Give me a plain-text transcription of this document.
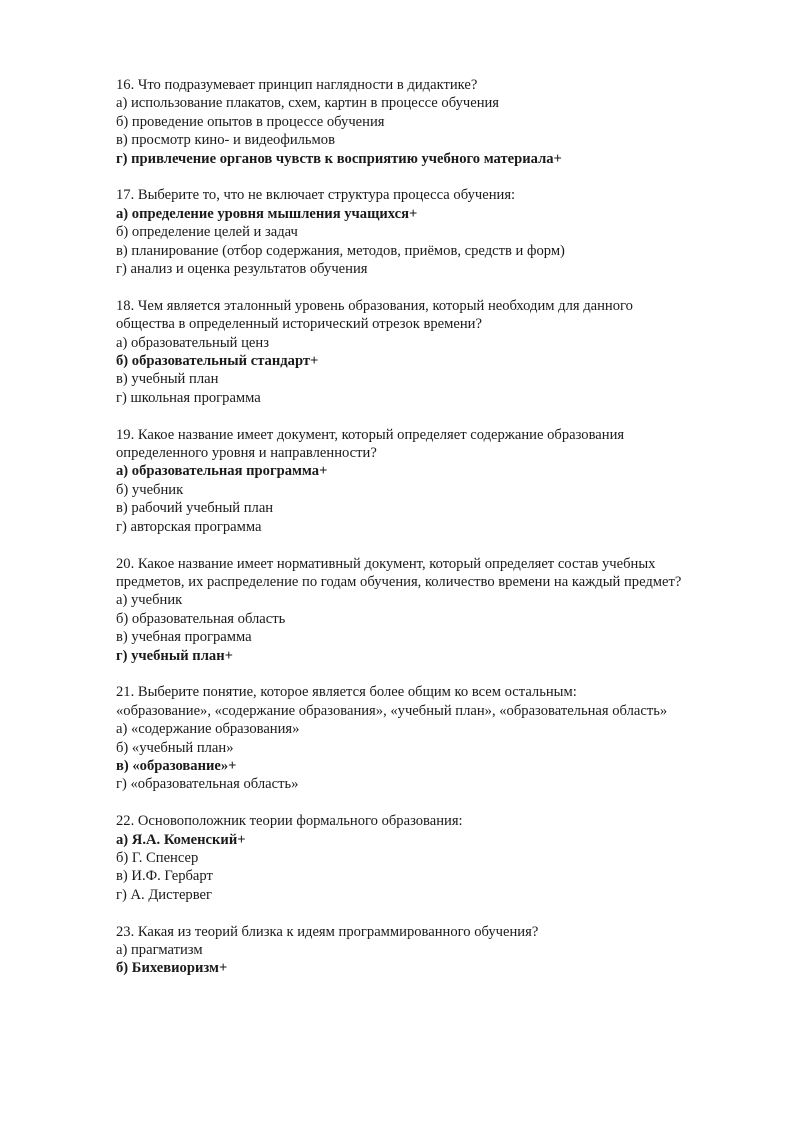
16. Что подразумевает принцип наглядности в дидактике?
а) использование плакатов, схем, картин в процессе обучения
б) проведение опытов в процессе обучения
в) просмотр кино- и видеофильмов
г) привлечение органов чувств к восприятию учебного материала+
17. Выберите то, что не включает структура процесса обучения:
а) определение уровня мышления учащихся+
б) определение целей и задач
в) планирование (отбор содержания, методов, приёмов, средств и форм)
г) анализ и оценка результатов обучения
18. Чем является эталонный уровень образования, который необходим для данного
общества в определенный исторический отрезок времени?
а) образовательный ценз
б) образовательный стандарт+
в) учебный план
г) школьная программа
19. Какое название имеет документ, который определяет содержание образования
определенного уровня и направленности?
а) образовательная программа+
б) учебник
в) рабочий учебный план
г) авторская программа
20. Какое название имеет нормативный документ, который определяет состав учебных
предметов, их распределение по годам обучения, количество времени на каждый предмет?
а) учебник
б) образовательная область
в) учебная программа
г) учебный план+
21. Выберите понятие, которое является более общим ко всем остальным:
«образование», «содержание образования», «учебный план», «образовательная область»
а) «содержание образования»
б) «учебный план»
в) «образование»+
г) «образовательная область»
22. Основоположник теории формального образования:
а) Я.А. Коменский+
б) Г. Спенсер
в) И.Ф. Гербарт
г) А. Дистервег
23. Какая из теорий близка к идеям программированного обучения?
а) прагматизм
б) Бихевиоризм+
